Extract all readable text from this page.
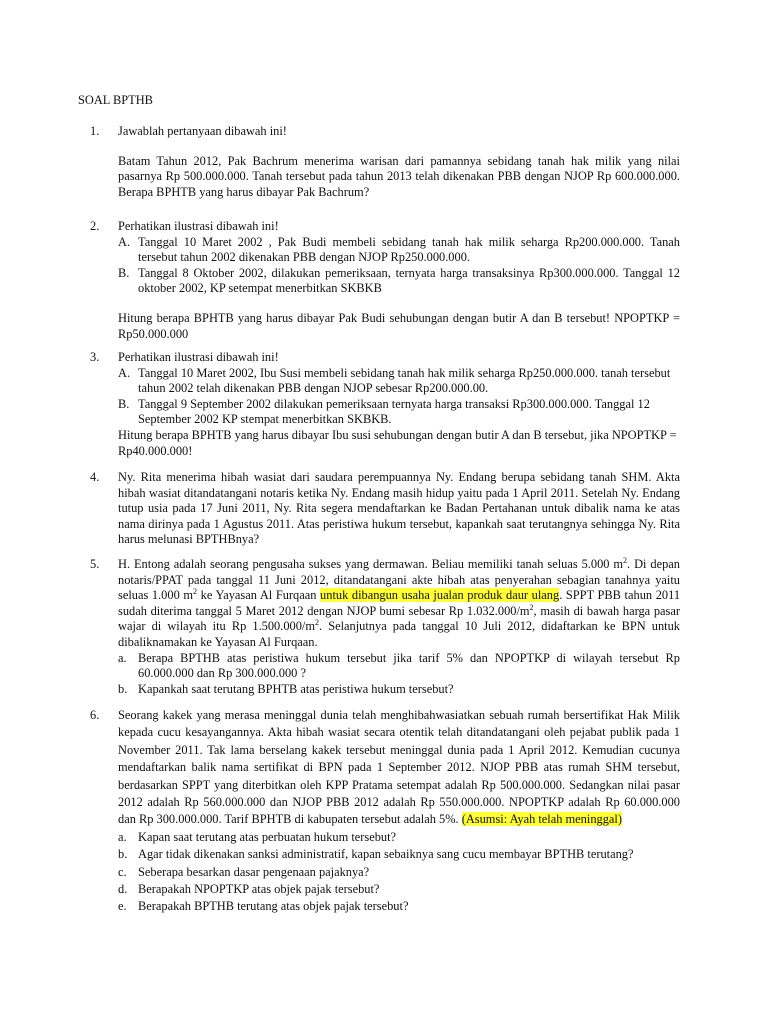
SOAL BPTHB
1. Jawablah pertanyaan dibawah ini!
Batam Tahun 2012, Pak Bachrum menerima warisan dari pamannya sebidang tanah hak milik yang nilai pasarnya Rp 500.000.000. Tanah tersebut pada tahun 2013 telah dikenakan PBB dengan NJOP Rp 600.000.000. Berapa BPHTB yang harus dibayar Pak Bachrum?
2. Perhatikan ilustrasi dibawah ini!
A. Tanggal 10 Maret 2002 , Pak Budi membeli sebidang tanah hak milik seharga Rp200.000.000. Tanah tersebut tahun 2002 dikenakan PBB dengan NJOP Rp250.000.000.
B. Tanggal 8 Oktober 2002, dilakukan pemeriksaan, ternyata harga transaksinya Rp300.000.000. Tanggal 12 oktober 2002, KP setempat menerbitkan SKBKB
Hitung berapa BPHTB yang harus dibayar Pak Budi sehubungan dengan butir A dan B tersebut! NPOPTKP = Rp50.000.000
3. Perhatikan ilustrasi dibawah ini!
A. Tanggal 10 Maret 2002, Ibu Susi membeli sebidang tanah hak milik seharga Rp250.000.000. tanah tersebut tahun 2002 telah dikenakan PBB dengan NJOP sebesar Rp200.000.00.
B. Tanggal 9 September 2002 dilakukan pemeriksaan ternyata harga transaksi Rp300.000.000. Tanggal 12 September 2002 KP stempat menerbitkan SKBKB.
Hitung berapa BPHTB yang harus dibayar Ibu susi sehubungan dengan butir A dan B tersebut, jika NPOPTKP = Rp40.000.000!
4. Ny. Rita menerima hibah wasiat dari saudara perempuannya Ny. Endang berupa sebidang tanah SHM. Akta hibah wasiat ditandatangani notaris ketika Ny. Endang masih hidup yaitu pada 1 April 2011. Setelah Ny. Endang tutup usia pada 17 Juni 2011, Ny. Rita segera mendaftarkan ke Badan Pertahanan untuk dibalik nama ke atas nama dirinya pada 1 Agustus 2011. Atas peristiwa hukum tersebut, kapankah saat terutangnya sehingga Ny. Rita harus melunasi BPTHBnya?
5. H. Entong adalah seorang pengusaha sukses yang dermawan. Beliau memiliki tanah seluas 5.000 $m^2$. Di depan notaris/PPAT pada tanggal 11 Juni 2012, ditandatangani akte hibah atas penyerahan sebagian tanahnya yaitu seluas 1.000 $m^2$ ke Yayasan Al Furqaan untuk dibangun usaha jualan produk daur ulang. SPPT PBB tahun 2011 sudah diterima tanggal 5 Maret 2012 dengan NJOP bumi sebesar Rp $1.032.000/m^2$, masih di bawah harga pasar wajar di wilayah itu Rp $1.500.000/m^2$. Selanjutnya pada tanggal 10 Juli 2012, didaftarkan ke BPN untuk dibaliknamakan ke Yayasan Al Furqaan.
a. Berapa BPTHB atas peristiwa hukum tersebut jika tarif 5% dan NPOPTKP di wilayah tersebut Rp 60.000.000 dan Rp 300.000.000 ?
b. Kapankah saat terutang BPHTB atas peristiwa hukum tersebut?
6. Seorang kakek yang merasa meninggal dunia telah menghibahwasiatkan sebuah rumah bersertifikat Hak Milik kepada cucu kesayangannya. Akta hibah wasiat secara otentik telah ditandatangani oleh pejabat publik pada 1 November 2011. Tak lama berselang kakek tersebut meninggal dunia pada 1 April 2012. Kemudian cucunya mendaftarkan balik nama sertifikat di BPN pada 1 September 2012. NJOP PBB atas rumah SHM tersebut, berdasarkan SPPT yang diterbitkan oleh KPP Pratama setempat adalah Rp 500.000.000. Sedangkan nilai pasar 2012 adalah Rp 560.000.000 dan NJOP PBB 2012 adalah Rp 550.000.000. NPOPTKP adalah Rp 60.000.000 dan Rp 300.000.000. Tarif BPHTB di kabupaten tersebut adalah 5%. (Asumsi: Ayah telah meninggal)
a. Kapan saat terutang atas perbuatan hukum tersebut?
b. Agar tidak dikenakan sanksi administratif, kapan sebaiknya sang cucu membayar BPTHB terutang?
c. Seberapa besarkan dasar pengenaan pajaknya?
d. Berapakah NPOPTKP atas objek pajak tersebut?
e. Berapakah BPTHB terutang atas objek pajak tersebut?
